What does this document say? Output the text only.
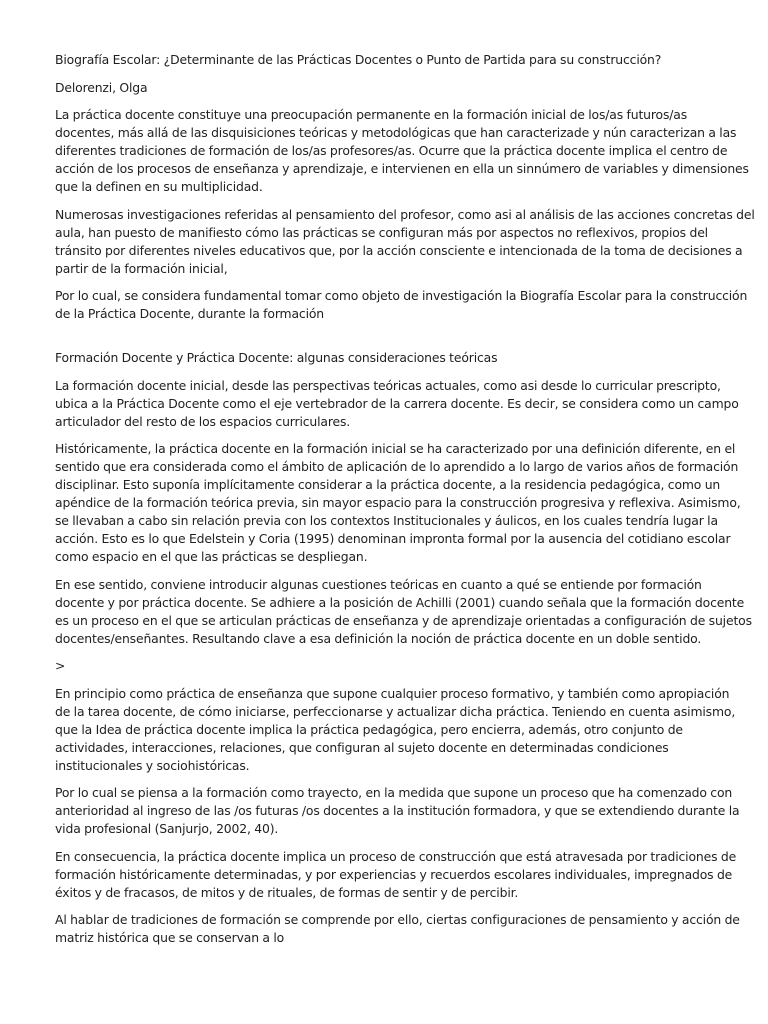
Biografía Escolar: ¿Determinante de las Prácticas Docentes o Punto de Partida para su construcción?
Delorenzi, Olga
La práctica docente constituye una preocupación permanente en la formación inicial de los/as futuros/as
docentes, más allá de las disquisiciones teóricas y metodológicas que han caracterizade y nún caracterizan a las
diferentes tradiciones de formación de los/as profesores/as. Ocurre que la práctica docente implica el centro de
acción de los procesos de enseñanza y aprendizaje, e intervienen en ella un sinnúmero de variables y dimensiones
que la definen en su multiplicidad.
Numerosas investigaciones referidas al pensamiento del profesor, como asi al análisis de las acciones concretas del
aula, han puesto de manifiesto cómo las prácticas se configuran más por aspectos no reflexivos, propios del
tránsito por diferentes niveles educativos que, por la acción consciente e intencionada de la toma de decisiones a
partir de la formación inicial,
Por lo cual, se considera fundamental tomar como objeto de investigación la Biografía Escolar para la construcción
de la Práctica Docente, durante la formación
Formación Docente y Práctica Docente: algunas consideraciones teóricas
La formación docente inicial, desde las perspectivas teóricas actuales, como asi desde lo curricular prescripto,
ubica a la Práctica Docente como el eje vertebrador de la carrera docente. Es decir, se considera como un campo
articulador del resto de los espacios curriculares.
Históricamente, la práctica docente en la formación inicial se ha caracterizado por una definición diferente, en el
sentido que era considerada como el ámbito de aplicación de lo aprendido a lo largo de varios años de formación
disciplinar. Esto suponía implícitamente considerar a la práctica docente, a la residencia pedagógica, como un
apéndice de la formación teórica previa, sin mayor espacio para la construcción progresiva y reflexiva. Asimismo,
se llevaban a cabo sin relación previa con los contextos Institucionales y áulicos, en los cuales tendría lugar la
acción. Esto es lo que Edelstein y Coria (1995) denominan impronta formal por la ausencia del cotidiano escolar
como espacio en el que las prácticas se despliegan.
En ese sentido, conviene introducir algunas cuestiones teóricas en cuanto a qué se entiende por formación
docente y por práctica docente. Se adhiere a la posición de Achilli (2001) cuando señala que la formación docente
es un proceso en el que se articulan prácticas de enseñanza y de aprendizaje orientadas a configuración de sujetos
docentes/enseñantes. Resultando clave a esa definición la noción de práctica docente en un doble sentido.
>
En principio como práctica de enseñanza que supone cualquier proceso formativo, y también como apropiación
de la tarea docente, de cómo iniciarse, perfeccionarse y actualizar dicha práctica. Teniendo en cuenta asimismo,
que la Idea de práctica docente implica la práctica pedagógica, pero encierra, además, otro conjunto de
actividades, interacciones, relaciones, que configuran al sujeto docente en determinadas condiciones
institucionales y sociohistóricas.
Por lo cual se piensa a la formación como trayecto, en la medida que supone un proceso que ha comenzado con
anterioridad al ingreso de las /os futuras /os docentes a la institución formadora, y que se extendiendo durante la
vida profesional (Sanjurjo, 2002, 40).
En consecuencia, la práctica docente implica un proceso de construcción que está atravesada por tradiciones de
formación históricamente determinadas, y por experiencias y recuerdos escolares individuales, impregnados de
éxitos y de fracasos, de mitos y de rituales, de formas de sentir y de percibir.
Al hablar de tradiciones de formación se comprende por ello, ciertas configuraciones de pensamiento y acción de
matriz histórica que se conservan a lo
